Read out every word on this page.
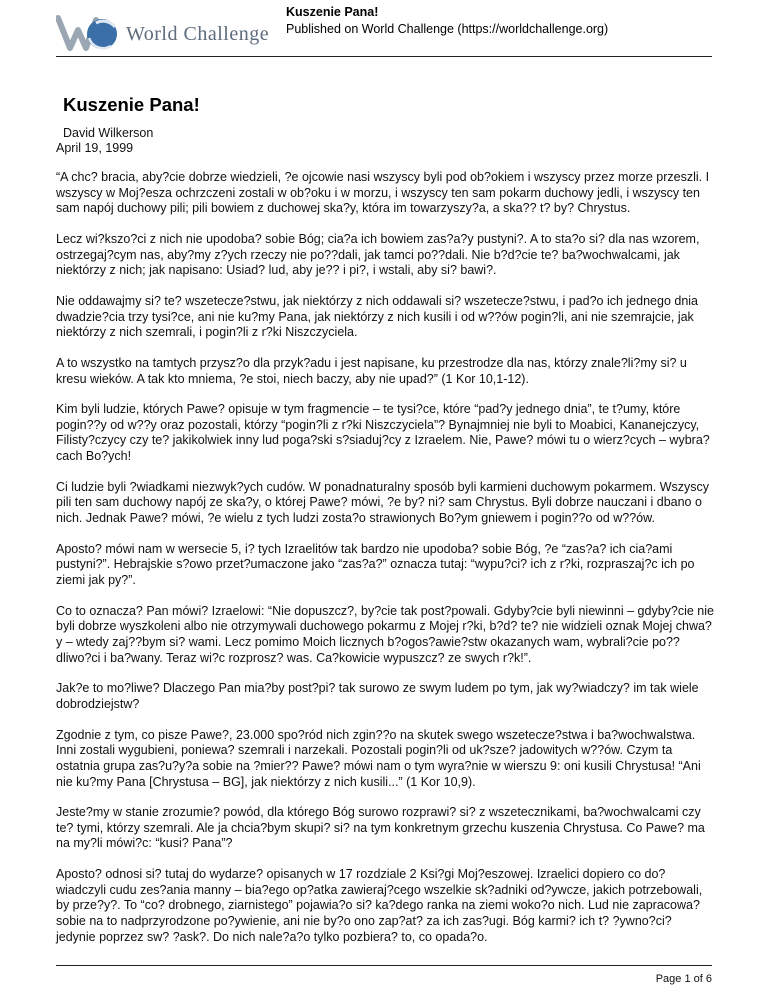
World Challenge
Kuszenie Pana!
Published on World Challenge (https://worldchallenge.org)
Kuszenie Pana!
David Wilkerson
April 19, 1999

“A chc? bracia, aby?cie dobrze wiedzieli, ?e ojcowie nasi wszyscy byli pod ob?okiem i wszyscy przez morze przeszli. I wszyscy w Moj?esza ochrzczeni zostali w ob?oku i w morzu, i wszyscy ten sam pokarm duchowy jedli, i wszyscy ten sam napój duchowy pili; pili bowiem z duchowej ska?y, która im towarzyszy?a, a ska?? t? by? Chrystus.

Lecz wi?kszo?ci z nich nie upodoba? sobie Bóg; cia?a ich bowiem zas?a?y pustyni?. A to sta?o si? dla nas wzorem, ostrzegaj?cym nas, aby?my z?ych rzeczy nie po??dali, jak tamci po??dali. Nie b?d?cie te? ba?wochwalcami, jak niektórzy z nich; jak napisano: Usiad? lud, aby je?? i pi?, i wstali, aby si? bawi?.

Nie oddawajmy si? te? wszetecze?stwu, jak niektórzy z nich oddawali si? wszetecze?stwu, i pad?o ich jednego dnia dwadzie?cia trzy tysi?ce, ani nie ku?my Pana, jak niektórzy z nich kusili i od w??ów pogin?li, ani nie szemrajcie, jak niektórzy z nich szemrali, i pogin?li z r?ki Niszczyciela.

A to wszystko na tamtych przysz?o dla przyk?adu i jest napisane, ku przestrodze dla nas, którzy znale?li?my si? u kresu wieków. A tak kto mniema, ?e stoi, niech baczy, aby nie upad?” (1 Kor 10,1-12).

Kim byli ludzie, których Pawe? opisuje w tym fragmencie – te tysi?ce, które “pad?y jednego dnia”, te t?umy, które pogin??y od w??y oraz pozostali, którzy “pogin?li z r?ki Niszczyciela”? Bynajmniej nie byli to Moabici, Kananejczycy, Filisty?czycy czy te? jakikolwiek inny lud poga?ski s?siaduj?cy z Izraelem. Nie, Pawe? mówi tu o wierz?cych – wybra?cach Bo?ych!

Ci ludzie byli ?wiadkami niezwyk?ych cudów. W ponadnaturalny sposób byli karmieni duchowym pokarmem. Wszyscy pili ten sam duchowy napój ze ska?y, o której Pawe? mówi, ?e by? ni? sam Chrystus. Byli dobrze nauczani i dbano o nich. Jednak Pawe? mówi, ?e wielu z tych ludzi zosta?o strawionych Bo?ym gniewem i pogin??o od w??ów.

Aposto? mówi nam w wersecie 5, i? tych Izraelitów tak bardzo nie upodoba? sobie Bóg, ?e “zas?a? ich cia?ami pustyni?”. Hebrajskie s?owo przet?umaczone jako “zas?a?” oznacza tutaj: “wypu?ci? ich z r?ki, rozpraszaj?c ich po ziemi jak py?”.

Co to oznacza? Pan mówi? Izraelowi: “Nie dopuszcz?, by?cie tak post?powali. Gdyby?cie byli niewinni – gdyby?cie nie byli dobrze wyszkoleni albo nie otrzymywali duchowego pokarmu z Mojej r?ki, b?d? te? nie widzieli oznak Mojej chwa?y – wtedy zaj??bym si? wami. Lecz pomimo Moich licznych b?ogos?awie?stw okazanych wam, wybrali?cie po??dliwo?ci i ba?wany. Teraz wi?c rozprosz? was. Ca?kowicie wypuszcz? ze swych r?k!”.

Jak?e to mo?liwe? Dlaczego Pan mia?by post?pi? tak surowo ze swym ludem po tym, jak wy?wiadczy? im tak wiele dobrodziejstw?

Zgodnie z tym, co pisze Pawe?, 23.000 spo?ród nich zgin??o na skutek swego wszetecze?stwa i ba?wochwalstwa. Inni zostali wygubieni, poniewa? szemrali i narzekali. Pozostali pogin?li od uk?sze? jadowitych w??ów. Czym ta ostatnia grupa zas?u?y?a sobie na ?mier?? Pawe? mówi nam o tym wyra?nie w wierszu 9: oni kusili Chrystusa! “Ani nie ku?my Pana [Chrystusa – BG], jak niektórzy z nich kusili...” (1 Kor 10,9).

Jeste?my w stanie zrozumie? powód, dla którego Bóg surowo rozprawi? si? z wszetecznikami, ba?wochwalcami czy te? tymi, którzy szemrali. Ale ja chcia?bym skupi? si? na tym konkretnym grzechu kuszenia Chrystusa. Co Pawe? ma na my?li mówi?c: “kusi? Pana”?

Aposto? odnosi si? tutaj do wydarze? opisanych w 17 rozdziale 2 Ksi?gi Moj?eszowej. Izraelici dopiero co do?wiadczyli cudu zes?ania manny – bia?ego op?atka zawieraj?cego wszelkie sk?adniki od?ywcze, jakich potrzebowali, by prze?y?. To “co? drobnego, ziarnistego” pojawia?o si? ka?dego ranka na ziemi woko?o nich. Lud nie zapracowa? sobie na to nadprzyrodzone po?ywienie, ani nie by?o ono zap?at? za ich zas?ugi. Bóg karmi? ich t? ?ywno?ci? jedynie poprzez sw? ?ask?. Do nich nale?a?o tylko pozbiera? to, co opada?o.

Page 1 of 6
